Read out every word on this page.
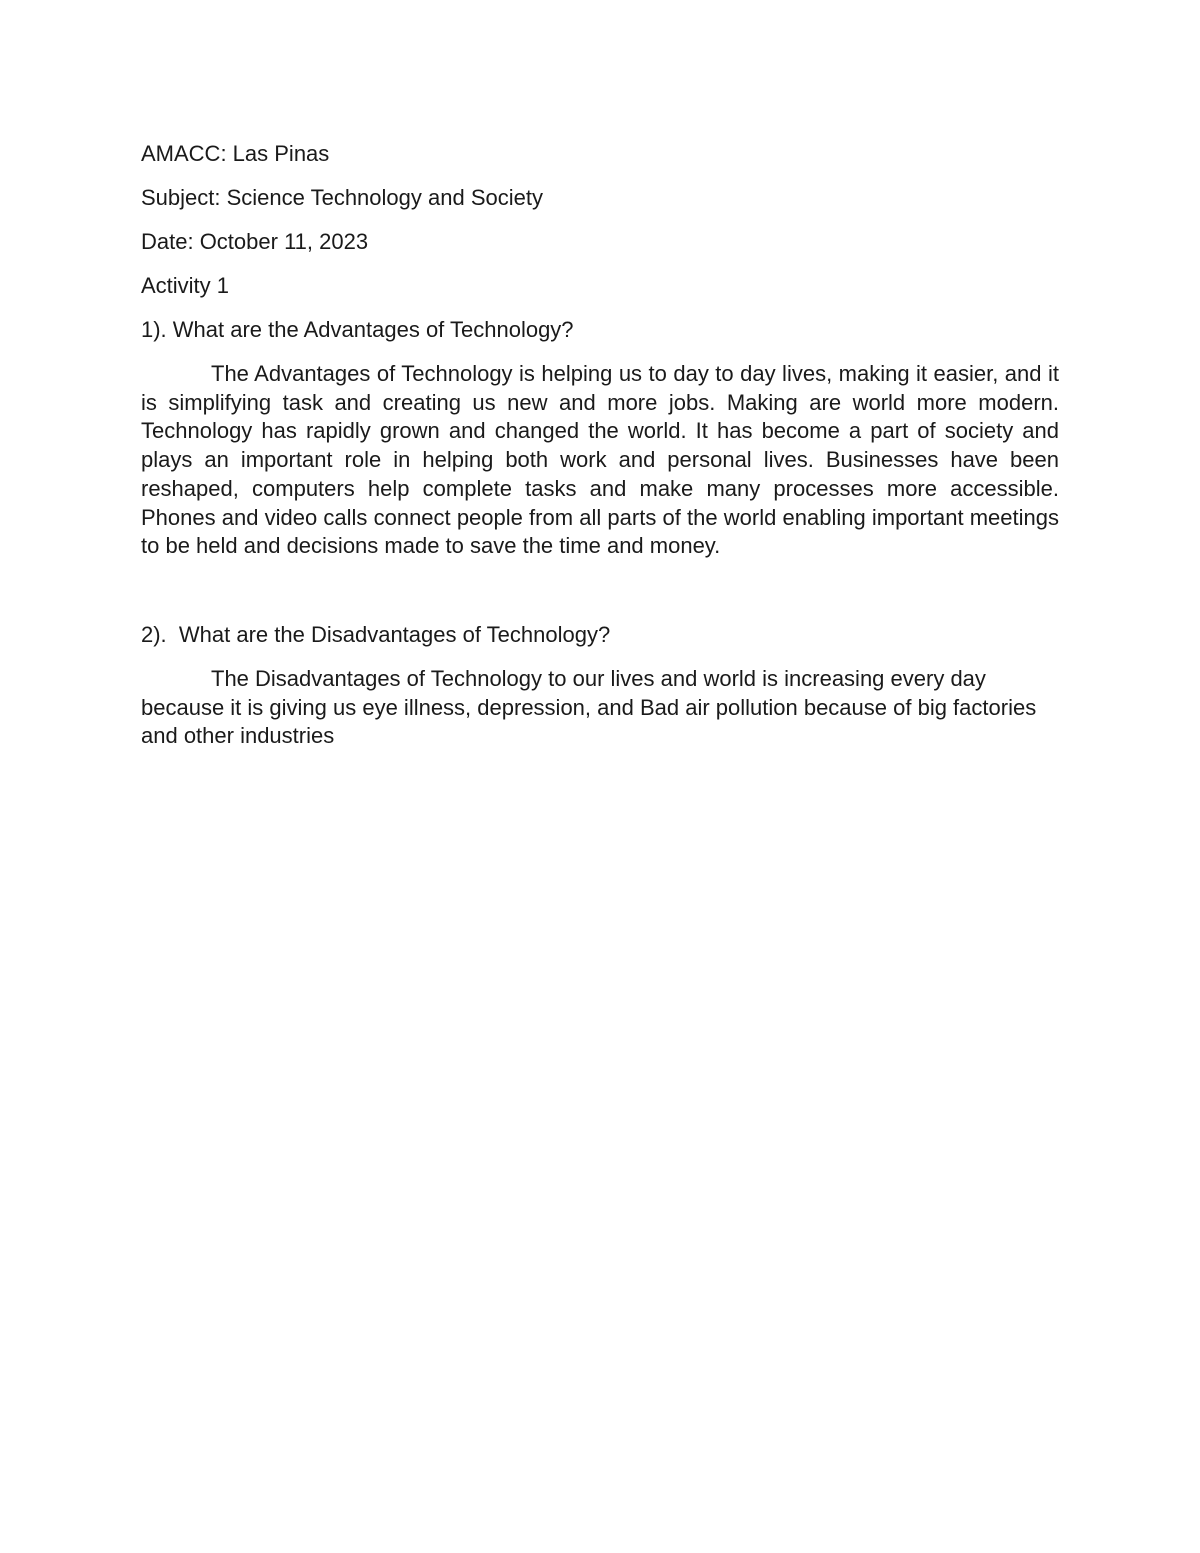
AMACC: Las Pinas

Subject: Science Technology and Society

Date: October 11, 2023

Activity 1

1). What are the Advantages of Technology?

The Advantages of Technology is helping us to day to day lives, making it easier, and it is simplifying task and creating us new and more jobs. Making are world more modern. Technology has rapidly grown and changed the world. It has become a part of society and plays an important role in helping both work and personal lives. Businesses have been reshaped, computers help complete tasks and make many processes more accessible. Phones and video calls connect people from all parts of the world enabling important meetings to be held and decisions made to save the time and money.

2).  What are the Disadvantages of Technology?

The Disadvantages of Technology to our lives and world is increasing every day because it is giving us eye illness, depression, and Bad air pollution because of big factories and other industries
